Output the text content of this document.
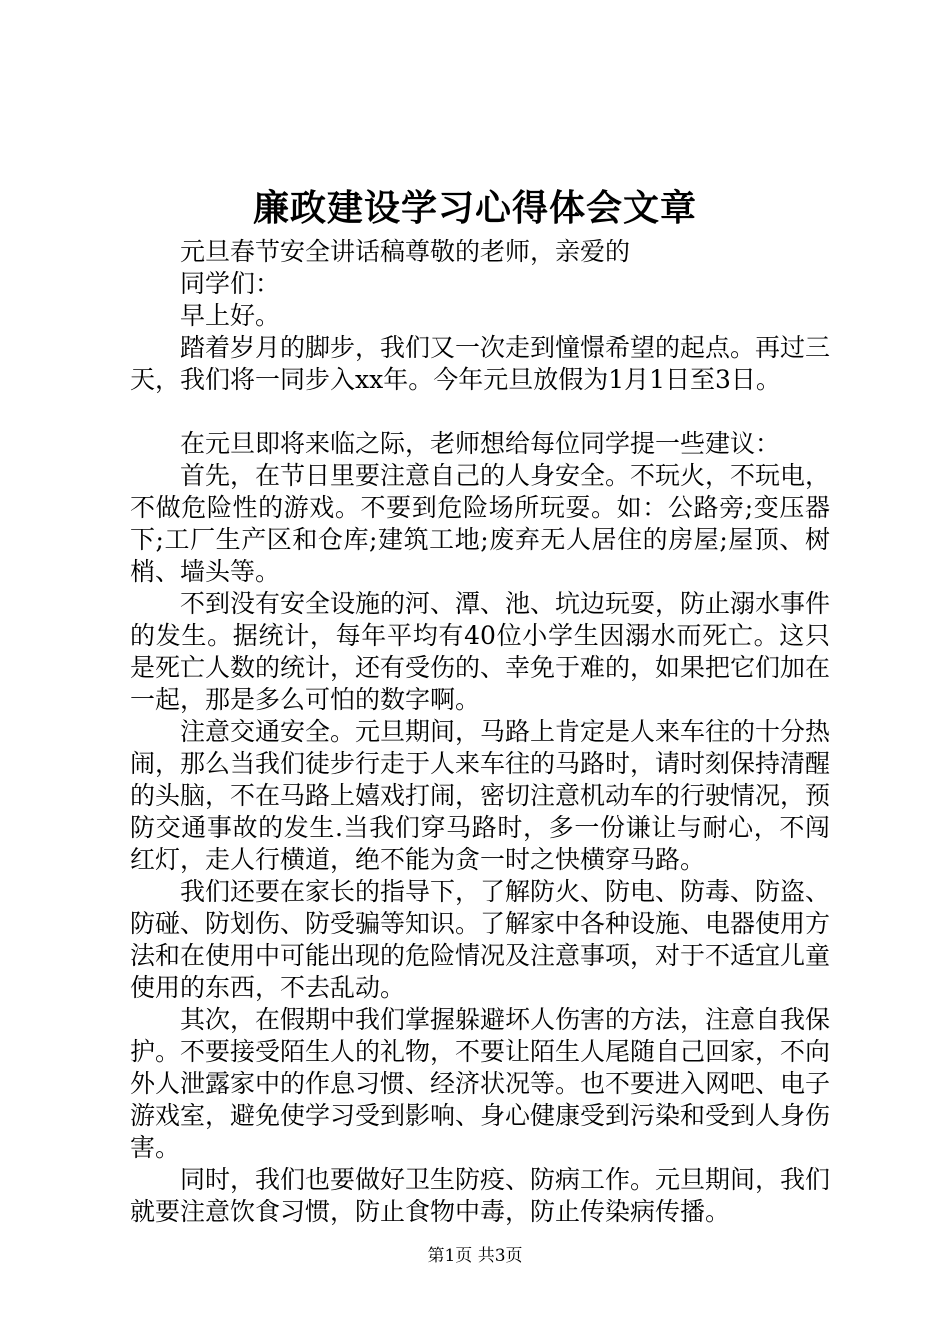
廉政建设学习心得体会文章

元旦春节安全讲话稿尊敬的老师，亲爱的

同学们：

早上好。

踏着岁月的脚步，我们又一次走到憧憬希望的起点。再过三天，我们将一同步入xx年。今年元旦放假为1月1日至3日。

在元旦即将来临之际，老师想给每位同学提一些建议：

首先，在节日里要注意自己的人身安全。不玩火，不玩电，不做危险性的游戏。不要到危险场所玩耍。如：公路旁;变压器下;工厂生产区和仓库;建筑工地;废弃无人居住的房屋;屋顶、树梢、墙头等。

不到没有安全设施的河、潭、池、坑边玩耍，防止溺水事件的发生。据统计，每年平均有40位小学生因溺水而死亡。这只是死亡人数的统计，还有受伤的、幸免于难的，如果把它们加在一起，那是多么可怕的数字啊。

注意交通安全。元旦期间，马路上肯定是人来车往的十分热闹，那么当我们徒步行走于人来车往的马路时，请时刻保持清醒的头脑，不在马路上嬉戏打闹，密切注意机动车的行驶情况，预防交通事故的发生.当我们穿马路时，多一份谦让与耐心，不闯红灯，走人行横道，绝不能为贪一时之快横穿马路。

我们还要在家长的指导下，了解防火、防电、防毒、防盗、防碰、防划伤、防受骗等知识。了解家中各种设施、电器使用方法和在使用中可能出现的危险情况及注意事项，对于不适宜儿童使用的东西，不去乱动。

其次，在假期中我们掌握躲避坏人伤害的方法，注意自我保护。不要接受陌生人的礼物，不要让陌生人尾随自己回家，不向外人泄露家中的作息习惯、经济状况等。也不要进入网吧、电子游戏室，避免使学习受到影响、身心健康受到污染和受到人身伤害。

同时，我们也要做好卫生防疫、防病工作。元旦期间，我们就要注意饮食习惯，防止食物中毒，防止传染病传播。

第1页 共3页
